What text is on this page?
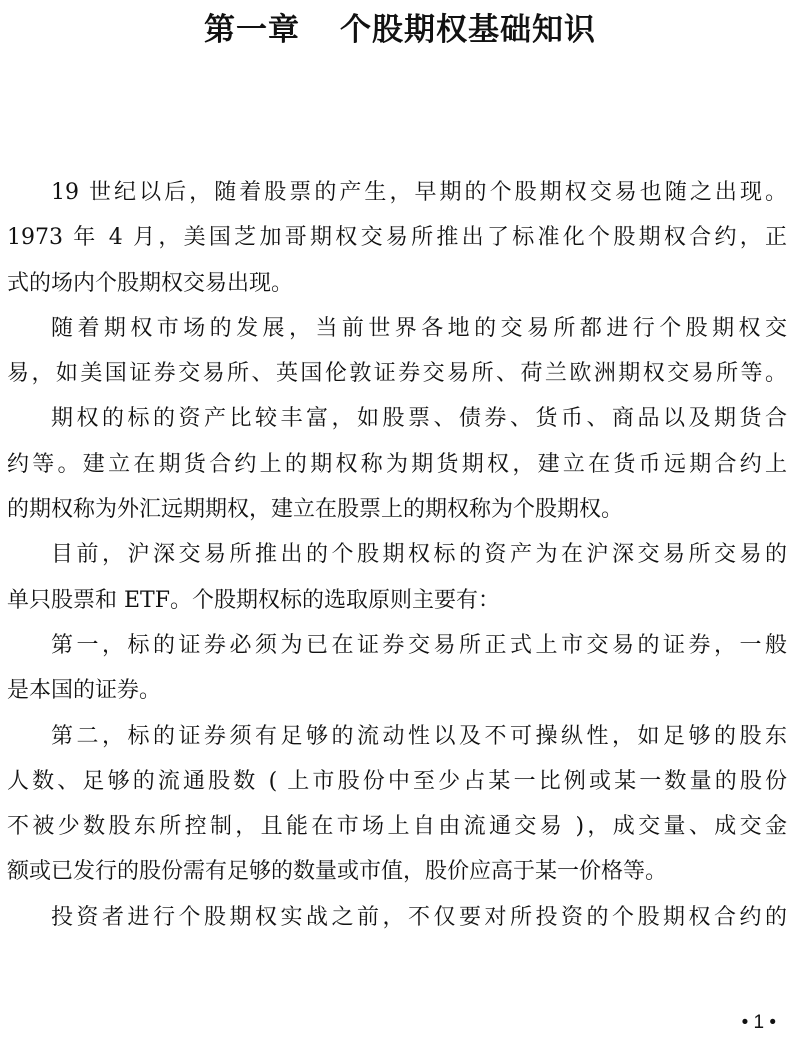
第一章 个股期权基础知识
19 世纪以后，随着股票的产生，早期的个股期权交易也随之出现。
1973 年 4 月，美国芝加哥期权交易所推出了标准化个股期权合约，正
式的场内个股期权交易出现。
随着期权市场的发展，当前世界各地的交易所都进行个股期权交
易，如美国证券交易所、英国伦敦证券交易所、荷兰欧洲期权交易所等。
期权的标的资产比较丰富，如股票、债券、货币、商品以及期货合
约等。建立在期货合约上的期权称为期货期权，建立在货币远期合约上
的期权称为外汇远期期权，建立在股票上的期权称为个股期权。
目前，沪深交易所推出的个股期权标的资产为在沪深交易所交易的
单只股票和 ETF。个股期权标的选取原则主要有：
第一，标的证券必须为已在证券交易所正式上市交易的证券，一般
是本国的证券。
第二，标的证券须有足够的流动性以及不可操纵性，如足够的股东
人数、足够的流通股数 ( 上市股份中至少占某一比例或某一数量的股份
不被少数股东所控制，且能在市场上自由流通交易 )，成交量、成交金
额或已发行的股份需有足够的数量或市值，股价应高于某一价格等。
投资者进行个股期权实战之前，不仅要对所投资的个股期权合约的
• 1 •
